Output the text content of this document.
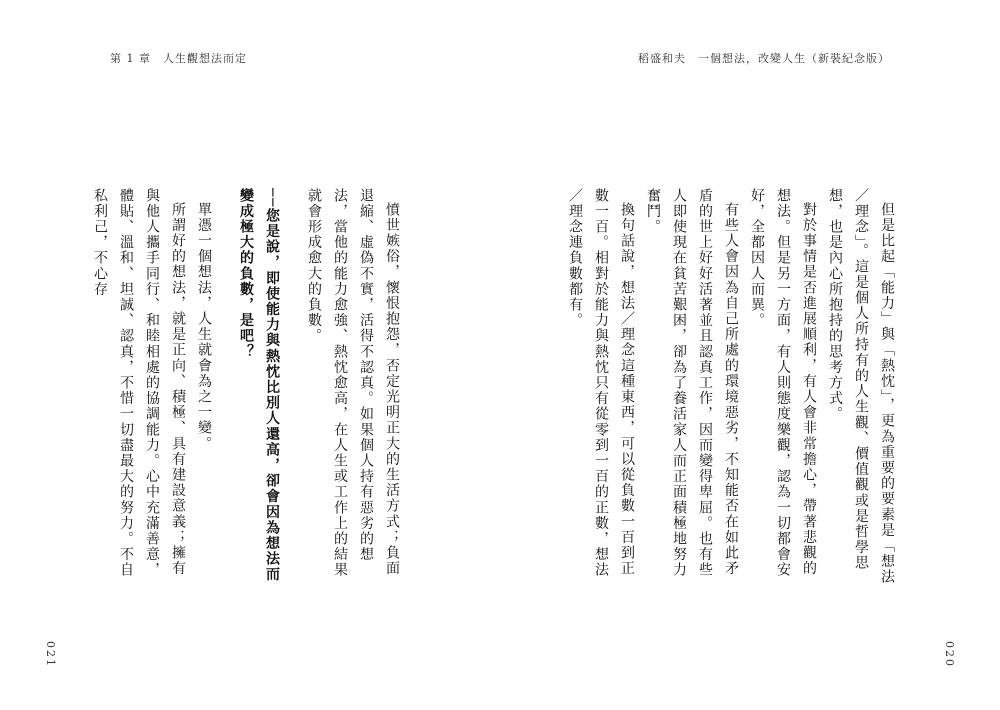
第 1 章　人生觀想法而定

憤世嫉俗，懷恨抱怨，否定光明正大的生活方式；負面退縮、虛偽不實，活得不認真。如果個人持有惡劣的想法，當他的能力愈強、熱忱愈高，在人生或工作上的結果就會形成愈大的負數。

──您是說，即使能力與熱忱比別人還高，卻會因為想法而變成極大的負數，是吧？

單憑一個想法，人生就會為之一變。

所謂好的想法，就是正向、積極、具有建設意義；擁有與他人攜手同行、和睦相處的協調能力。心中充滿善意，體貼、溫和、坦誠、認真，不惜一切盡最大的努力。不自私利己，不心存

021
稻盛和夫　一個想法，改變人生（新裝紀念版）

但是比起「能力」與「熱忱」，更為重要的要素是「想法／理念」。這是個人所持有的人生觀、價值觀或是哲學思想，也是內心所抱持的思考方式。

對於事情是否進展順利，有人會非常擔心，帶著悲觀的想法。但是另一方面，有人則態度樂觀，認為一切都會安好，全都因人而異。

有些人會因為自己所處的環境惡劣，不知能否在如此矛盾的世上好好活著並且認真工作，因而變得卑屈。也有些人即使現在貧苦艱困，卻為了養活家人而正面積極地努力奮鬥。

換句話說，想法／理念這種東西，可以從負數一百到正數一百。相對於能力與熱忱只有從零到一百的正數，想法／理念連負數都有。

020
